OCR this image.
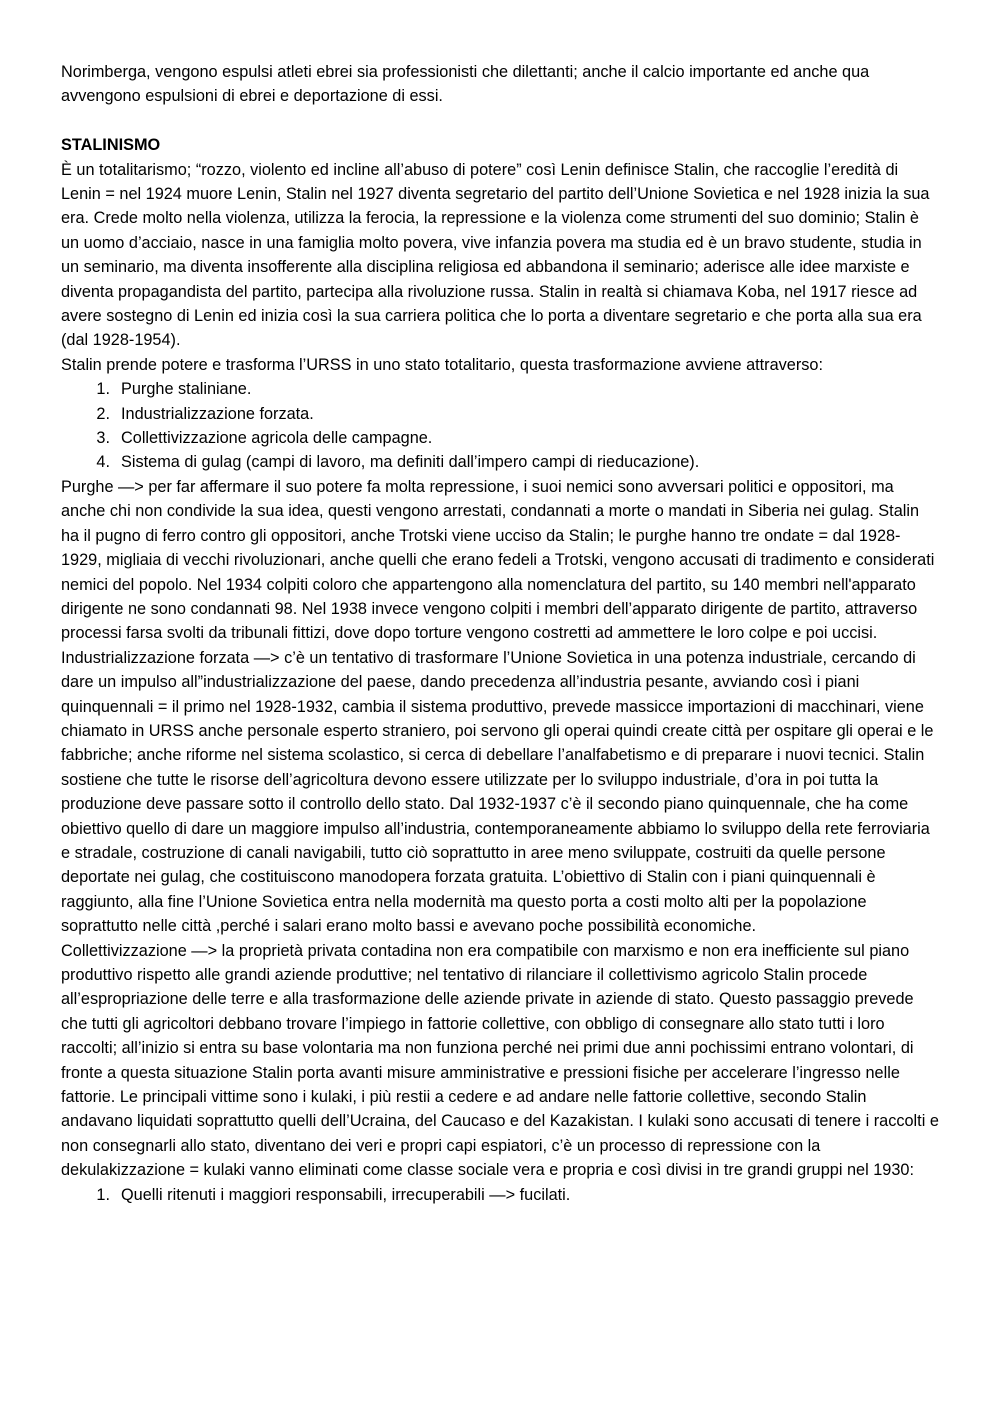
Norimberga, vengono espulsi atleti ebrei sia professionisti che dilettanti; anche il calcio importante ed anche qua avvengono espulsioni di ebrei e deportazione di essi.

STALINISMO

È un totalitarismo; “rozzo, violento ed incline all’abuso di potere” così Lenin definisce Stalin, che raccoglie l’eredità di Lenin = nel 1924 muore Lenin, Stalin nel 1927 diventa segretario del partito dell’Unione Sovietica e nel 1928 inizia la sua era. Crede molto nella violenza, utilizza la ferocia, la repressione e la violenza come strumenti del suo dominio; Stalin è un uomo d’acciaio, nasce in una famiglia molto povera, vive infanzia povera ma studia ed è un bravo studente, studia in un seminario, ma diventa insofferente alla disciplina religiosa ed abbandona il seminario; aderisce alle idee marxiste e diventa propagandista del partito, partecipa alla rivoluzione russa. Stalin in realtà si chiamava Koba, nel 1917 riesce ad avere sostegno di Lenin ed inizia così la sua carriera politica che lo porta a diventare segretario e che porta alla sua era (dal 1928-1954).

Stalin prende potere e trasforma l’URSS in uno stato totalitario, questa trasformazione avviene attraverso:

1. Purghe staliniane.
2. Industrializzazione forzata.
3. Collettivizzazione agricola delle campagne.
4. Sistema di gulag (campi di lavoro, ma definiti dall’impero campi di rieducazione).

Purghe —> per far affermare il suo potere fa molta repressione, i suoi nemici sono avversari politici e oppositori, ma anche chi non condivide la sua idea, questi vengono arrestati, condannati a morte o mandati in Siberia nei gulag. Stalin ha il pugno di ferro contro gli oppositori, anche Trotski viene ucciso da Stalin; le purghe hanno tre ondate = dal 1928-1929, migliaia di vecchi rivoluzionari, anche quelli che erano fedeli a Trotski, vengono accusati di tradimento e considerati nemici del popolo. Nel 1934 colpiti coloro che appartengono alla nomenclatura del partito, su 140 membri nell'apparato dirigente ne sono condannati 98. Nel 1938 invece vengono colpiti i membri dell’apparato dirigente de partito, attraverso processi farsa svolti da tribunali fittizi, dove dopo torture vengono costretti ad ammettere le loro colpe e poi uccisi.

Industrializzazione forzata —> c’è un tentativo di trasformare l’Unione Sovietica in una potenza industriale, cercando di dare un impulso all”industrializzazione del paese, dando precedenza all’industria pesante, avviando così i piani quinquennali = il primo nel 1928-1932, cambia il sistema produttivo, prevede massicce importazioni di macchinari, viene chiamato in URSS anche personale esperto straniero, poi servono gli operai quindi create città per ospitare gli operai e le fabbriche; anche riforme nel sistema scolastico, si cerca di debellare l’analfabetismo e di preparare i nuovi tecnici. Stalin sostiene che tutte le risorse dell’agricoltura devono essere utilizzate per lo sviluppo industriale, d’ora in poi tutta la produzione deve passare sotto il controllo dello stato. Dal 1932-1937 c’è il secondo piano quinquennale, che ha come obiettivo quello di dare un maggiore impulso all’industria, contemporaneamente abbiamo lo sviluppo della rete ferroviaria e stradale, costruzione di canali navigabili, tutto ciò soprattutto in aree meno sviluppate, costruiti da quelle persone deportate nei gulag, che costituiscono manodopera forzata gratuita. L’obiettivo di Stalin con i piani quinquennali è raggiunto, alla fine l’Unione Sovietica entra nella modernità ma questo porta a costi molto alti per la popolazione soprattutto nelle città ,perché i salari erano molto bassi e avevano poche possibilità economiche.

Collettivizzazione —> la proprietà privata contadina non era compatibile con marxismo e non era inefficiente sul piano produttivo rispetto alle grandi aziende produttive; nel tentativo di rilanciare il collettivismo agricolo Stalin procede all’espropriazione delle terre e alla trasformazione delle aziende private in aziende di stato. Questo passaggio prevede che tutti gli agricoltori debbano trovare l’impiego in fattorie collettive, con obbligo di consegnare allo stato tutti i loro raccolti; all’inizio si entra su base volontaria ma non funziona perché nei primi due anni pochissimi entrano volontari, di fronte a questa situazione Stalin porta avanti misure amministrative e pressioni fisiche per accelerare l’ingresso nelle fattorie. Le principali vittime sono i kulaki, i più restii a cedere e ad andare nelle fattorie collettive, secondo Stalin andavano liquidati soprattutto quelli dell’Ucraina, del Caucaso e del Kazakistan. I kulaki sono accusati di tenere i raccolti e non consegnarli allo stato, diventano dei veri e propri capi espiatori, c’è un processo di repressione con la dekulakizzazione = kulaki vanno eliminati come classe sociale vera e propria e così divisi in tre grandi gruppi nel 1930:

1. Quelli ritenuti i maggiori responsabili, irrecuperabili —> fucilati.
